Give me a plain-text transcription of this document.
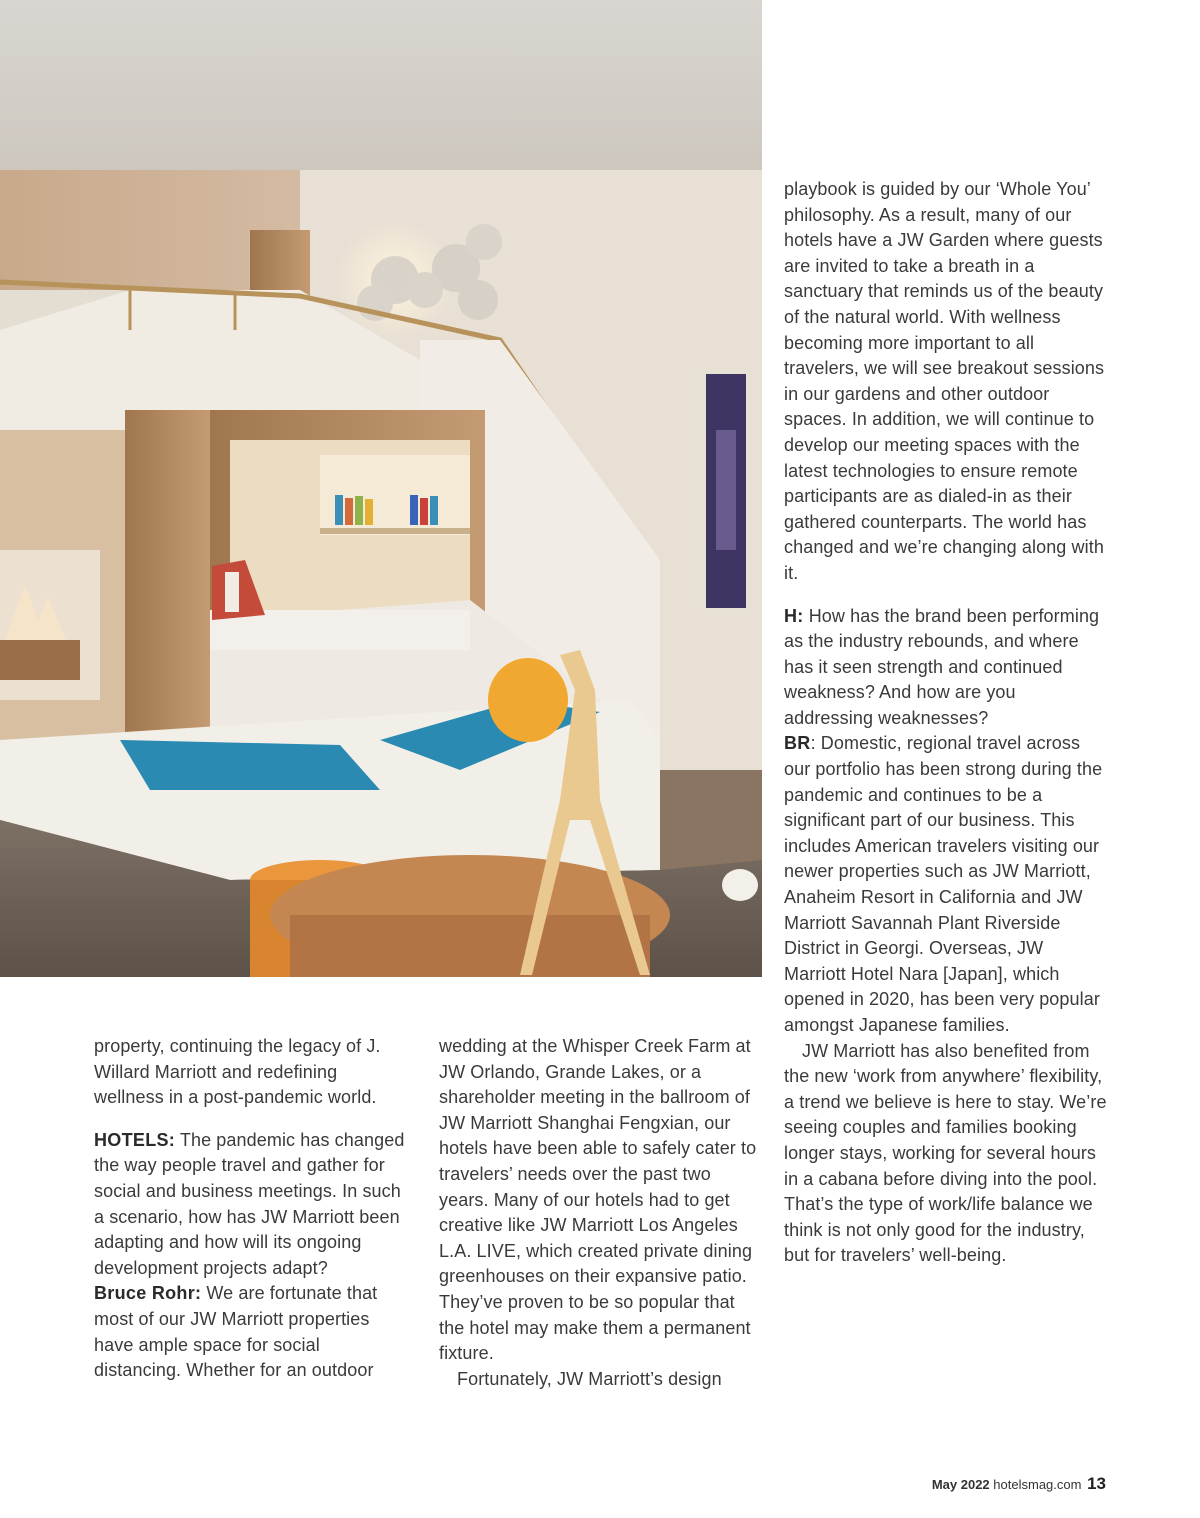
property, continuing the legacy of J. Willard Marriott and redefining wellness in a post-pandemic world.

HOTELS: The pandemic has changed the way people travel and gather for social and business meetings. In such a scenario, how has JW Marriott been adapting and how will its ongoing development projects adapt?

Bruce Rohr: We are fortunate that most of our JW Marriott properties have ample space for social distancing. Whether for an outdoor

wedding at the Whisper Creek Farm at JW Orlando, Grande Lakes, or a shareholder meeting in the ballroom of JW Marriott Shanghai Fengxian, our hotels have been able to safely cater to travelers’ needs over the past two years. Many of our hotels had to get creative like JW Marriott Los Angeles L.A. LIVE, which created private dining greenhouses on their expansive patio. They’ve proven to be so popular that the hotel may make them a permanent fixture.

Fortunately, JW Marriott’s design

playbook is guided by our ‘Whole You’ philosophy. As a result, many of our hotels have a JW Garden where guests are invited to take a breath in a sanctuary that reminds us of the beauty of the natural world. With wellness becoming more important to all travelers, we will see breakout sessions in our gardens and other outdoor spaces. In addition, we will continue to develop our meeting spaces with the latest technologies to ensure remote participants are as dialed-in as their gathered counterparts. The world has changed and we’re changing along with it.

H: How has the brand been performing as the industry rebounds, and where has it seen strength and continued weakness? And how are you addressing weaknesses?

BR: Domestic, regional travel across our portfolio has been strong during the pandemic and continues to be a significant part of our business. This includes American travelers visiting our newer properties such as JW Marriott, Anaheim Resort in California and JW Marriott Savannah Plant Riverside District in Georgi. Overseas, JW Marriott Hotel Nara [Japan], which opened in 2020, has been very popular amongst Japanese families.

JW Marriott has also benefited from the new ‘work from anywhere’ flexibility, a trend we believe is here to stay. We’re seeing couples and families booking longer stays, working for several hours in a cabana before diving into the pool. That’s the type of work/life balance we think is not only good for the industry, but for travelers’ well-being.

May 2022 hotelsmag.com 13
